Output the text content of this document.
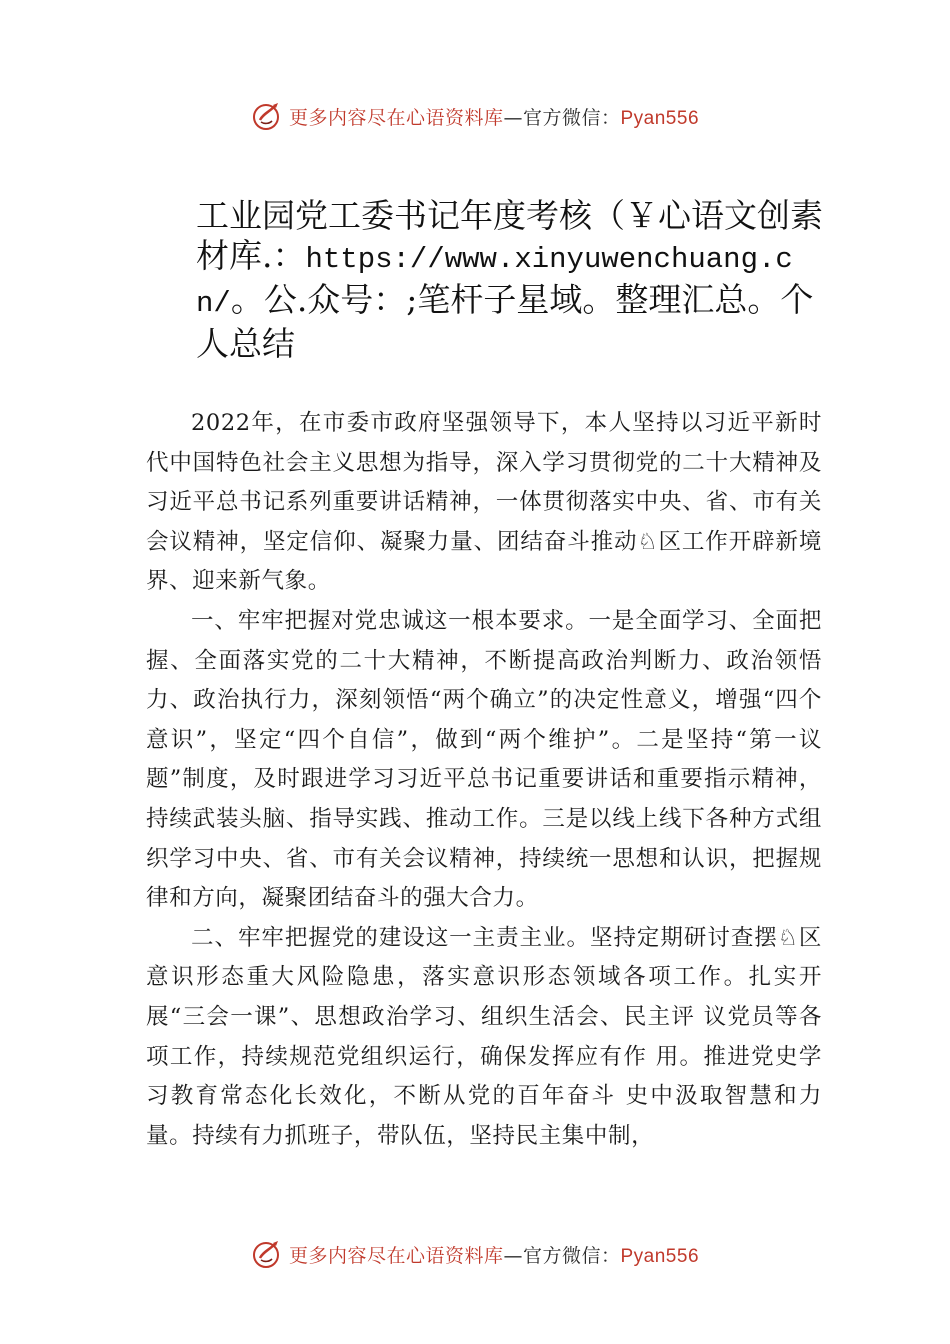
更多内容尽在心语资料库—官方微信：Pyan556
工业园党工委书记年度考核（￥心语文创素材库.：https://www.xinyuwenchuang.cn/。公.众号：;笔杆子星域。整理汇总。个人总结

2022年，在市委市政府坚强领导下，本人坚持以习近平新时代中国特色社会主义思想为指导，深入学习贯彻党的二十大精神及习近平总书记系列重要讲话精神，一体贯彻落实中央、省、市有关会议精神，坚定信仰、凝聚力量、团结奋斗推动♘区工作开辟新境界、迎来新气象。

一、牢牢把握对党忠诚这一根本要求。一是全面学习、全面把握、全面落实党的二十大精神，不断提高政治判断力、政治领悟力、政治执行力，深刻领悟“两个确立”的决定性意义，增强“四个意识”，坚定“四个自信”，做到“两个维护”。二是坚持“第一议题”制度，及时跟进学习习近平总书记重要讲话和重要指示精神，持续武装头脑、指导实践、推动工作。三是以线上线下各种方式组织学习中央、省、市有关会议精神，持续统一思想和认识，把握规律和方向，凝聚团结奋斗的强大合力。

二、牢牢把握党的建设这一主责主业。坚持定期研讨查摆♘区意识形态重大风险隐患，落实意识形态领域各项工作。扎实开展“三会一课”、思想政治学习、组织生活会、民主评 议党员等各项工作，持续规范党组织运行，确保发挥应有作 用。推进党史学习教育常态化长效化，不断从党的百年奋斗 史中汲取智慧和力量。持续有力抓班子，带队伍，坚持民主集中制，

更多内容尽在心语资料库—官方微信：Pyan556
